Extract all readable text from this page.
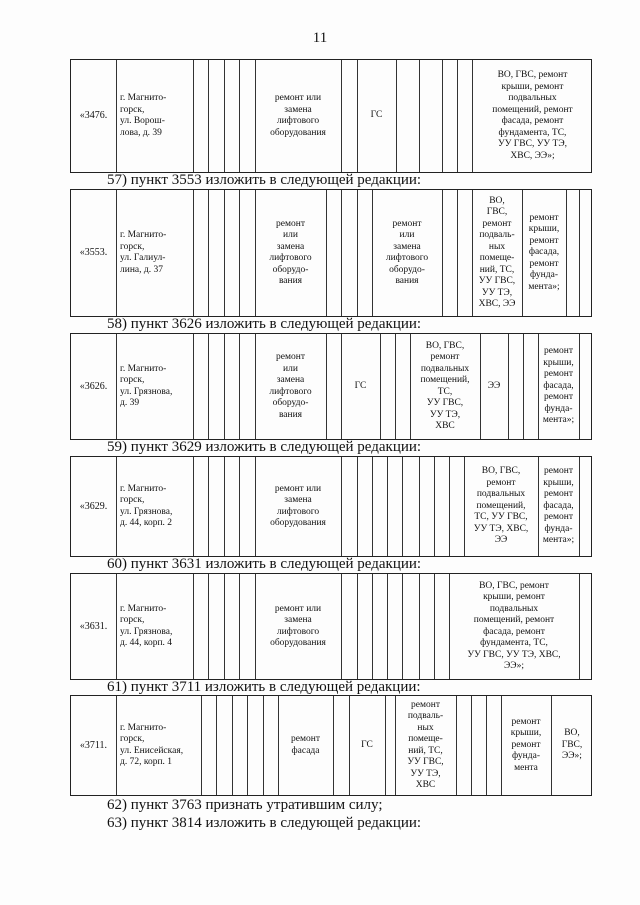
11
«3476.
г. Магнито-
горск,
ул. Ворош-
лова, д. 39
ремонт или
замена
лифтового
оборудования
ГС
ВО, ГВС, ремонт
крыши, ремонт
подвальных
помещений, ремонт
фасада, ремонт
фундамента, ТС,
УУ ГВС, УУ ТЭ,
ХВС, ЭЭ»;
57) пункт 3553 изложить в следующей редакции:
«3553.
г. Магнито-
горск,
ул. Галиул-
лина, д. 37
ремонт
или
замена
лифтового
оборудо-
вания
ремонт
или
замена
лифтового
оборудо-
вания
ВО,
ГВС,
ремонт
подваль-
ных
помеще-
ний, ТС,
УУ ГВС,
УУ ТЭ,
ХВС, ЭЭ
ремонт
крыши,
ремонт
фасада,
ремонт
фунда-
мента»;
58) пункт 3626 изложить в следующей редакции:
«3626.
г. Магнито-
горск,
ул. Грязнова,
д. 39
ремонт
или
замена
лифтового
оборудо-
вания
ГС
ВО, ГВС,
ремонт
подвальных
помещений,
ТС,
УУ ГВС,
УУ ТЭ,
ХВС
ЭЭ
ремонт
крыши,
ремонт
фасада,
ремонт
фунда-
мента»;
59) пункт 3629 изложить в следующей редакции:
«3629.
г. Магнито-
горск,
ул. Грязнова,
д. 44, корп. 2
ремонт или
замена
лифтового
оборудования
ВО, ГВС,
ремонт
подвальных
помещений,
ТС, УУ ГВС,
УУ ТЭ, ХВС,
ЭЭ
ремонт
крыши,
ремонт
фасада,
ремонт
фунда-
мента»;
60) пункт 3631 изложить в следующей редакции:
«3631.
г. Магнито-
горск,
ул. Грязнова,
д. 44, корп. 4
ремонт или
замена
лифтового
оборудования
ВО, ГВС, ремонт
крыши, ремонт
подвальных
помещений, ремонт
фасада, ремонт
фундамента, ТС,
УУ ГВС, УУ ТЭ, ХВС,
ЭЭ»;
61) пункт 3711 изложить в следующей редакции:
«3711.
г. Магнито-
горск,
ул. Енисейская,
д. 72, корп. 1
ремонт
фасада
ГС
ремонт
подваль-
ных
помеще-
ний, ТС,
УУ ГВС,
УУ ТЭ,
ХВС
ремонт
крыши,
ремонт
фунда-
мента
ВО,
ГВС,
ЭЭ»;
62) пункт 3763 признать утратившим силу;
63) пункт 3814 изложить в следующей редакции:
